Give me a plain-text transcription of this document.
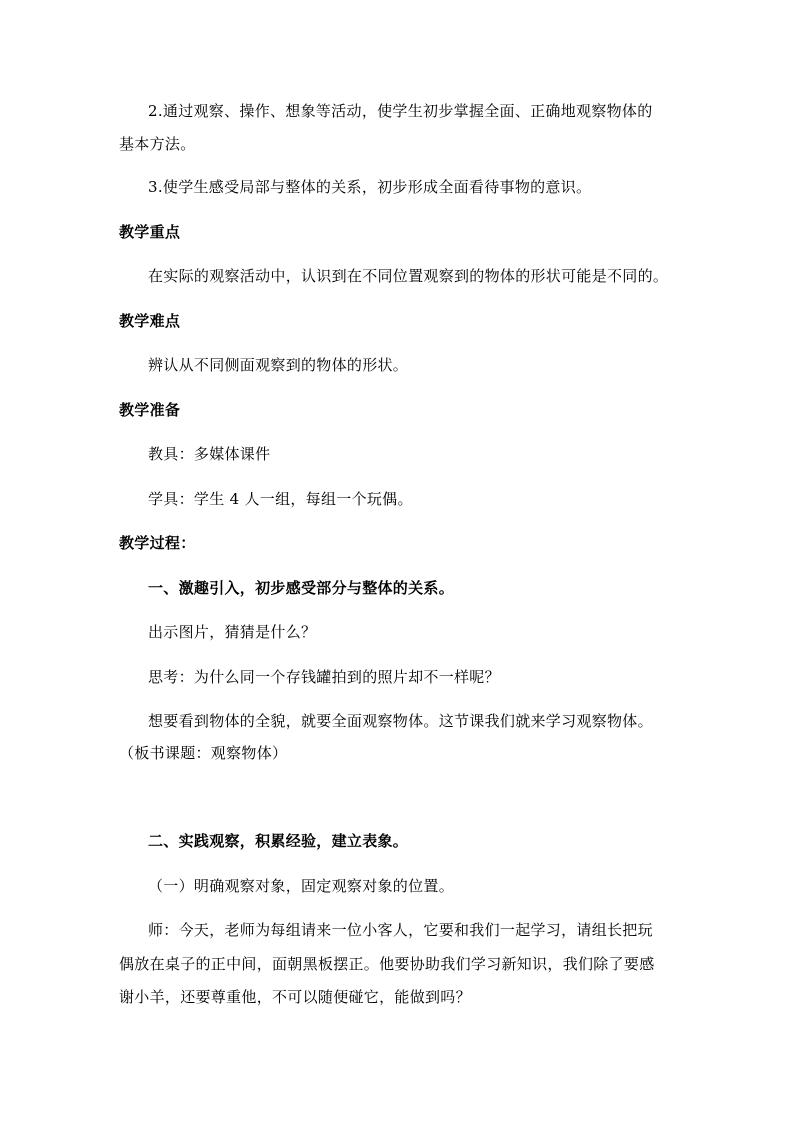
2.通过观察、操作、想象等活动，使学生初步掌握全面、正确地观察物体的
基本方法。
3.使学生感受局部与整体的关系，初步形成全面看待事物的意识。
教学重点
在实际的观察活动中，认识到在不同位置观察到的物体的形状可能是不同的。
教学难点
辨认从不同侧面观察到的物体的形状。
教学准备
教具：多媒体课件
学具：学生 4 人一组，每组一个玩偶。
教学过程：
一、激趣引入，初步感受部分与整体的关系。
出示图片，猜猜是什么？
思考：为什么同一个存钱罐拍到的照片却不一样呢？
想要看到物体的全貌，就要全面观察物体。这节课我们就来学习观察物体。
（板书课题：观察物体）
二、实践观察，积累经验，建立表象。
（一）明确观察对象，固定观察对象的位置。
师：今天，老师为每组请来一位小客人，它要和我们一起学习，请组长把玩
偶放在桌子的正中间，面朝黑板摆正。他要协助我们学习新知识，我们除了要感
谢小羊，还要尊重他，不可以随便碰它，能做到吗？
